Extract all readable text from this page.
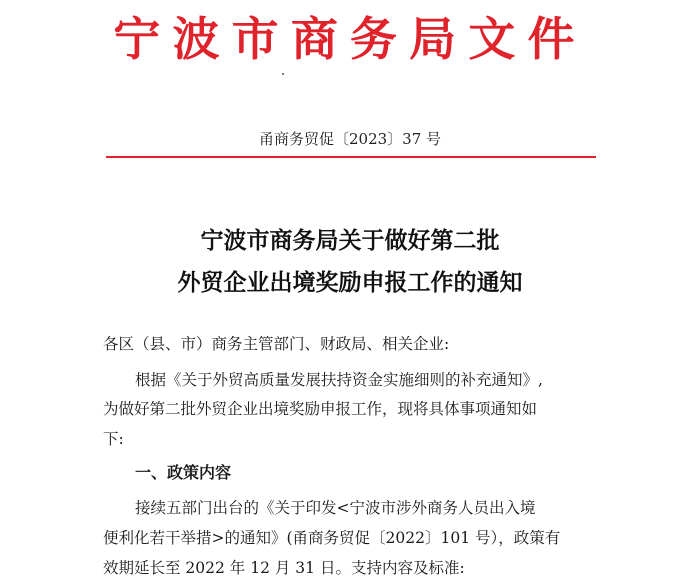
宁波市商务局文件
甬商务贸促〔2023〕37 号
宁波市商务局关于做好第二批
外贸企业出境奖励申报工作的通知
各区（县、市）商务主管部门、财政局、相关企业:
根据《关于外贸高质量发展扶持资金实施细则的补充通知》,
为做好第二批外贸企业出境奖励申报工作，现将具体事项通知如
下:
一、政策内容
接续五部门出台的《关于印发<宁波市涉外商务人员出入境
便利化若干举措>的通知》(甬商务贸促〔2022〕101 号），政策有
效期延长至 2022 年 12 月 31 日。支持内容及标准:
